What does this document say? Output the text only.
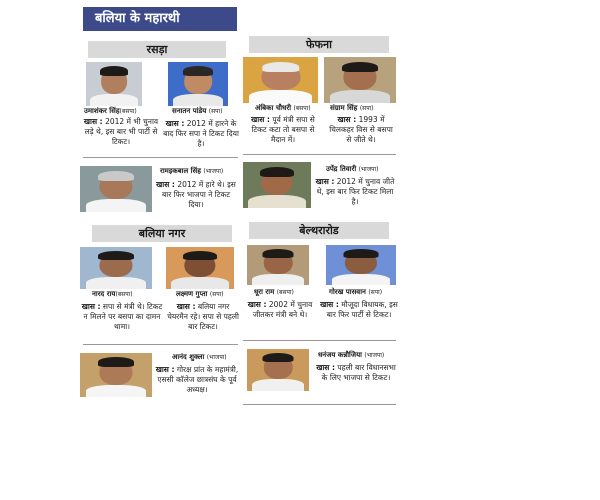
बलिया के महारथी
रसड़ा
उमाशंकर सिंह(बसपा)
खास : 2012 में भी चुनाव लड़े थे, इस बार भी पार्टी से टिकट।
सनातन पांडेय (सपा)
खास : 2012 में हारने के बाद फिर सपा ने टिकट दिया है।
रामइकबाल सिंह (भाजपा)
खास : 2012 में हारे थे। इस बार फिर भाजपा ने टिकट दिया।
फेफना
अंबिका चौधरी (बसपा)
खास : पूर्व मंत्री सपा से टिकट कटा तो बसपा से मैदान में।
संग्राम सिंह (सपा)
खास : 1993 में चिलकहर विस से बसपा से जीते थे।
उपेंद्र तिवारी (भाजपा)
खास : 2012 में चुनाव जीते थे, इस बार फिर टिकट मिला है।
बलिया नगर
नारद राय(बसपा)
खास : सपा से मंत्री थे। टिकट न मिलने पर बसपा का दामन थामा।
लक्ष्मण गुप्ता (सपा)
खास : बलिया नगर चेयरमैन रहे। सपा से पहली बार टिकट।
आनंद शुक्ला (भाजपा)
खास : गोरक्ष प्रांत के महामंत्री, एससी कॉलेज छात्रसंघ के पूर्व अध्यक्ष।
बेल्थरारोड
धूरा राम (बसपा)
खास : 2002 में चुनाव जीतकर मंत्री बने थे।
गोरख पासवान (सपा)
खास : मौजूदा विधायक, इस बार फिर पार्टी से टिकट।
धनंजय कन्नौजिया (भाजपा)
खास : पहली बार विधानसभा के लिए भाजपा से टिकट।
